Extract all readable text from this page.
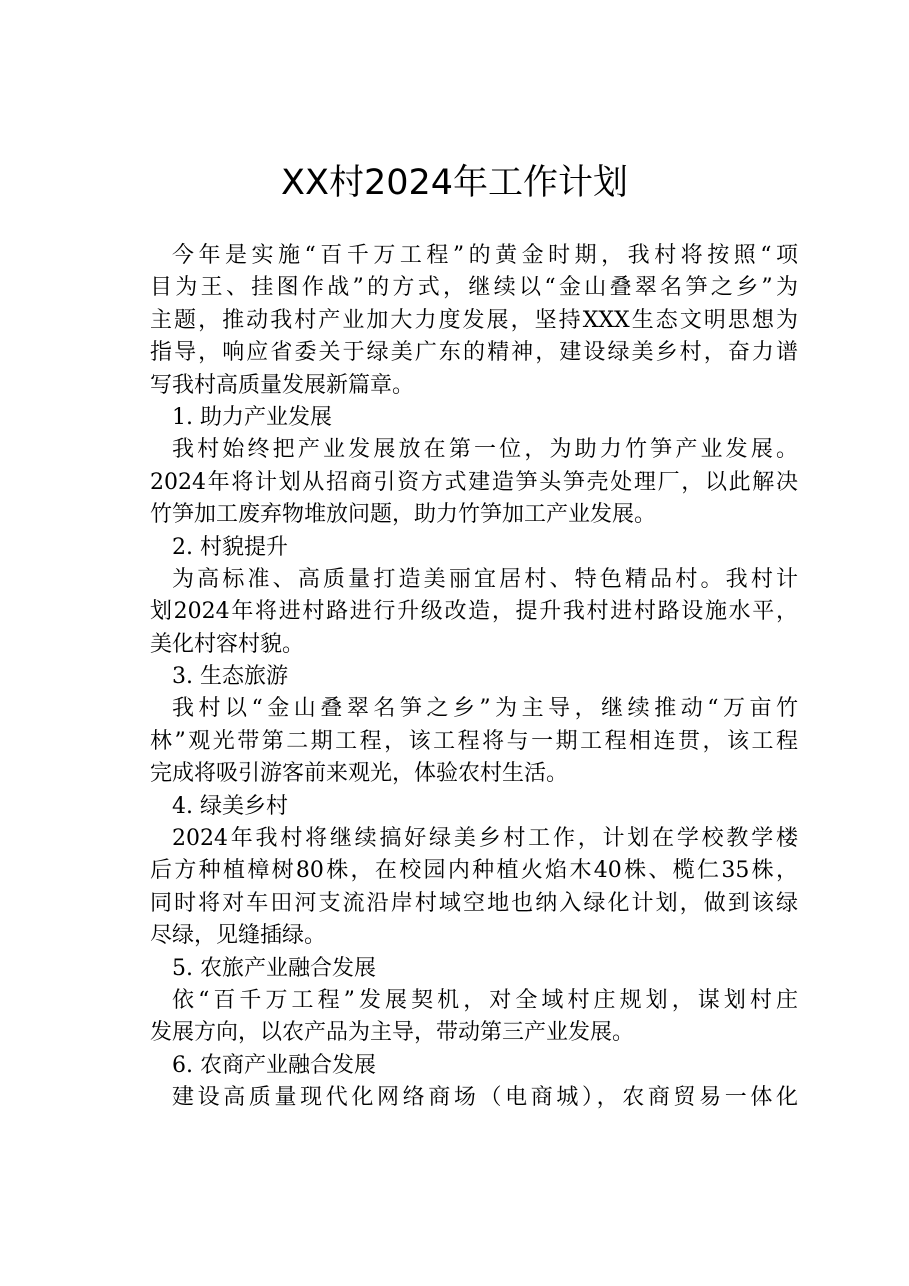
XX村2024年工作计划
今年是实施“百千万工程”的黄金时期，我村将按照“项
目为王、挂图作战”的方式，继续以“金山叠翠名笋之乡”为
主题，推动我村产业加大力度发展，坚持XXX生态文明思想为
指导，响应省委关于绿美广东的精神，建设绿美乡村，奋力谱
写我村高质量发展新篇章。
1. 助力产业发展
我村始终把产业发展放在第一位，为助力竹笋产业发展。
2024年将计划从招商引资方式建造笋头笋壳处理厂，以此解决
竹笋加工废弃物堆放问题，助力竹笋加工产业发展。
2. 村貌提升
为高标准、高质量打造美丽宜居村、特色精品村。我村计
划2024年将进村路进行升级改造，提升我村进村路设施水平，
美化村容村貌。
3. 生态旅游
我村以“金山叠翠名笋之乡”为主导，继续推动“万亩竹
林”观光带第二期工程，该工程将与一期工程相连贯，该工程
完成将吸引游客前来观光，体验农村生活。
4. 绿美乡村
2024年我村将继续搞好绿美乡村工作，计划在学校教学楼
后方种植樟树80株，在校园内种植火焰木40株、榄仁35株，
同时将对车田河支流沿岸村域空地也纳入绿化计划，做到该绿
尽绿，见缝插绿。
5. 农旅产业融合发展
依“百千万工程”发展契机，对全域村庄规划，谋划村庄
发展方向，以农产品为主导，带动第三产业发展。
6. 农商产业融合发展
建设高质量现代化网络商场（电商城），农商贸易一体化
